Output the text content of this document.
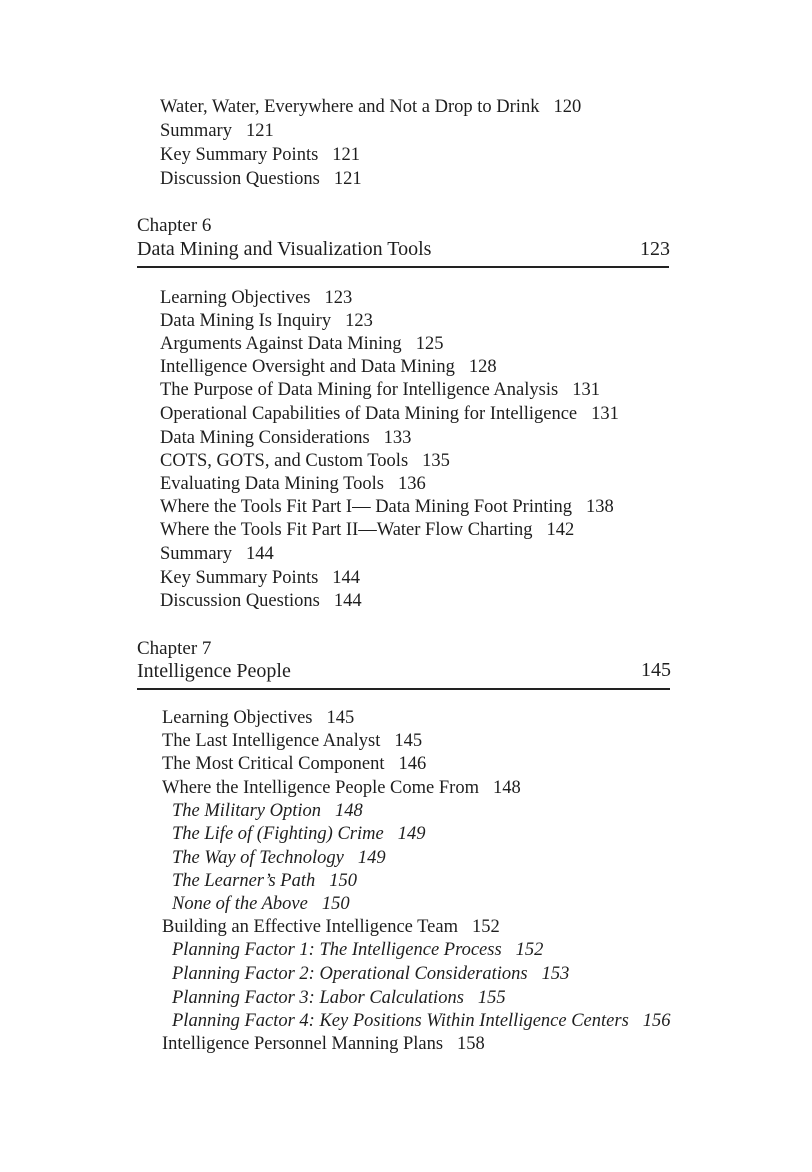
Water, Water, Everywhere and Not a Drop to Drink 120
Summary 121
Key Summary Points 121
Discussion Questions 121
Chapter 6
Data Mining and Visualization Tools	123
Learning Objectives 123
Data Mining Is Inquiry 123
Arguments Against Data Mining 125
Intelligence Oversight and Data Mining 128
The Purpose of Data Mining for Intelligence Analysis 131
Operational Capabilities of Data Mining for Intelligence 131
Data Mining Considerations 133
COTS, GOTS, and Custom Tools 135
Evaluating Data Mining Tools 136
Where the Tools Fit Part I— Data Mining Foot Printing 138
Where the Tools Fit Part II—Water Flow Charting 142
Summary 144
Key Summary Points 144
Discussion Questions 144
Chapter 7
Intelligence People	145
Learning Objectives 145
The Last Intelligence Analyst 145
The Most Critical Component 146
Where the Intelligence People Come From 148
The Military Option 148
The Life of (Fighting) Crime 149
The Way of Technology 149
The Learner’s Path 150
None of the Above 150
Building an Effective Intelligence Team 152
Planning Factor 1: The Intelligence Process 152
Planning Factor 2: Operational Considerations 153
Planning Factor 3: Labor Calculations 155
Planning Factor 4: Key Positions Within Intelligence Centers 156
Intelligence Personnel Manning Plans 158
